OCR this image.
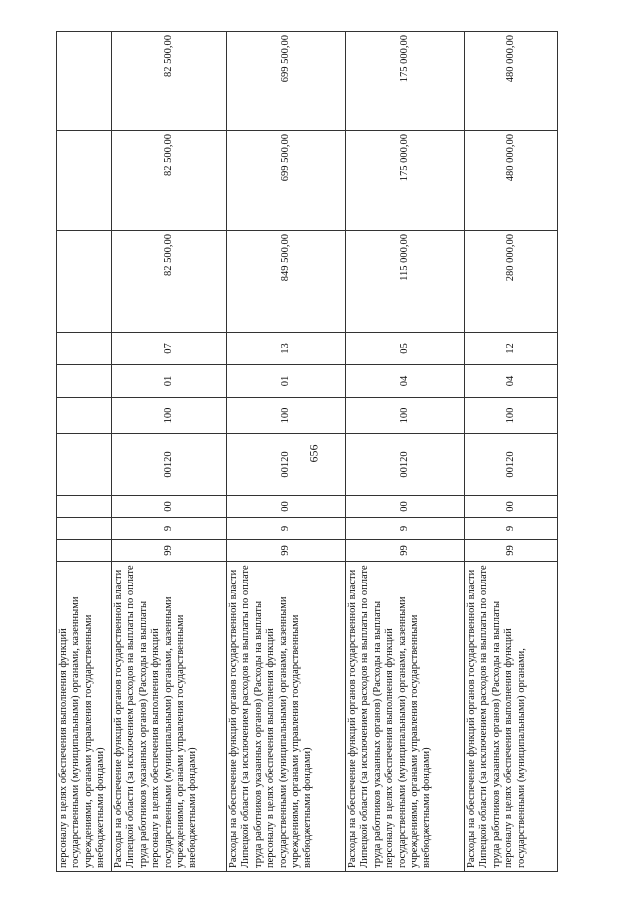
656
персоналу в целях обеспечения выполнения функций государственными (муниципальными) органами, казенными учреждениями, органами управления государственными внебюджетными фондами)										
Расходы на обеспечение функций органов государственной власти Липецкой области (за исключением расходов на выплаты по оплате труда работников указанных органов) (Расходы на выплаты персоналу в целях обеспечения выполнения функций государственными (муниципальными) органами, казенными учреждениями, органами управления государственными внебюджетными фондами)	99	9	00	00120	100	01	07	82 500,00	82 500,00	82 500,00
Расходы на обеспечение функций органов государственной власти Липецкой области (за исключением расходов на выплаты по оплате труда работников указанных органов) (Расходы на выплаты персоналу в целях обеспечения выполнения функций государственными (муниципальными) органами, казенными учреждениями, органами управления государственными внебюджетными фондами)	99	9	00	00120	100	01	13	849 500,00	699 500,00	699 500,00
Расходы на обеспечение функций органов государственной власти Липецкой области (за исключением расходов на выплаты по оплате труда работников указанных органов) (Расходы на выплаты персоналу в целях обеспечения выполнения функций государственными (муниципальными) органами, казенными учреждениями, органами управления государственными внебюджетными фондами)	99	9	00	00120	100	04	05	115 000,00	175 000,00	175 000,00
Расходы на обеспечение функций органов государственной власти Липецкой области (за исключением расходов на выплаты по оплате труда работников указанных органов) (Расходы на выплаты персоналу в целях обеспечения выполнения функций государственными (муниципальными) органами,	99	9	00	00120	100	04	12	280 000,00	480 000,00	480 000,00
